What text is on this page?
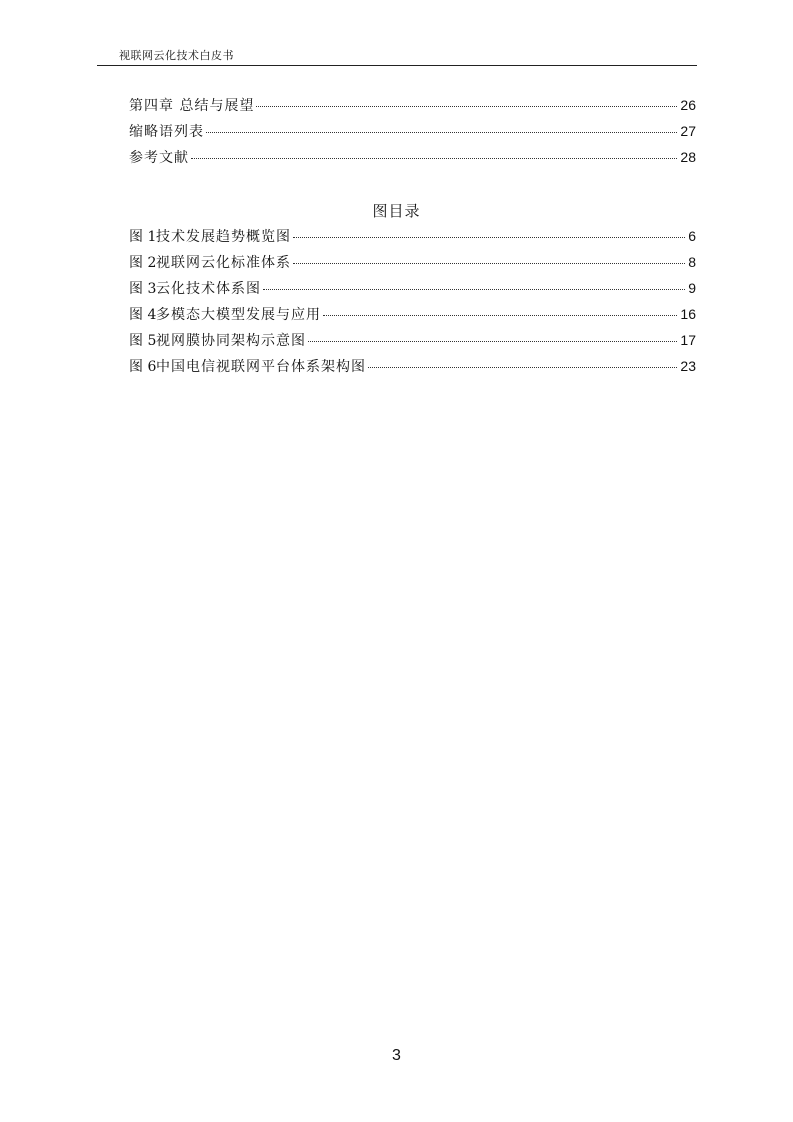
视联网云化技术白皮书
第四章 总结与展望	26
缩略语列表	27
参考文献	28
图目录
图 1技术发展趋势概览图	6
图 2视联网云化标准体系	8
图 3云化技术体系图	9
图 4多模态大模型发展与应用	16
图 5视网膜协同架构示意图	17
图 6中国电信视联网平台体系架构图	23
3
